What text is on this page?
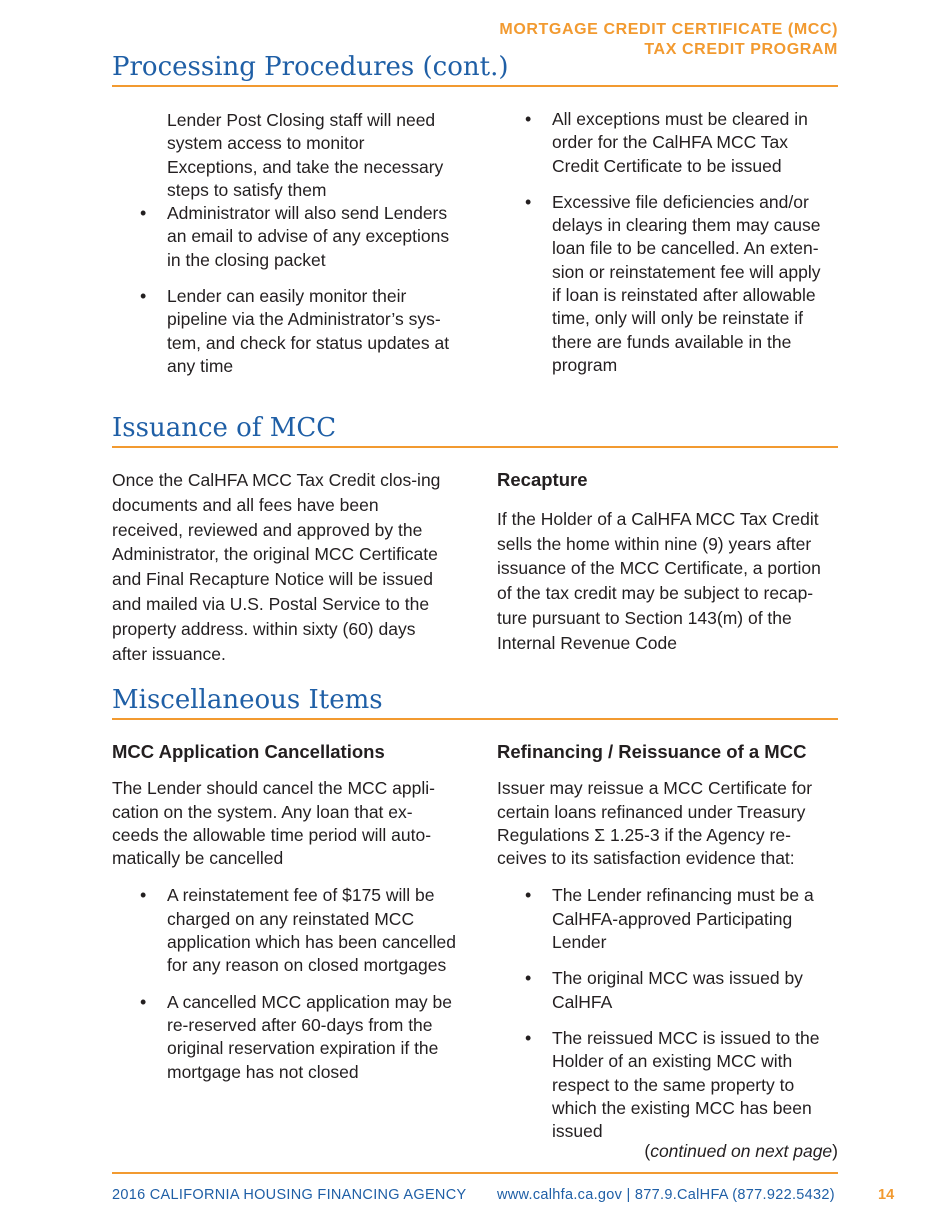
MORTGAGE CREDIT CERTIFICATE (MCC)
TAX CREDIT PROGRAM
Processing Procedures (cont.)

Lender Post Closing staff will need system access to monitor Exceptions, and take the necessary steps to satisfy them

• Administrator will also send Lenders an email to advise of any exceptions in the closing packet
• Lender can easily monitor their pipeline via the Administrator’s sys-tem, and check for status updates at any time
• All exceptions must be cleared in order for the CalHFA MCC Tax Credit Certificate to be issued
• Excessive file deficiencies and/or delays in clearing them may cause loan file to be cancelled. An exten-sion or reinstatement fee will apply if loan is reinstated after allowable time, only will only be reinstate if there are funds available in the program
Issuance of MCC

Once the CalHFA MCC Tax Credit clos-ing documents and all fees have been received, reviewed and approved by the Administrator, the original MCC Certificate and Final Recapture Notice will be issued and mailed via U.S. Postal Service to the property address. within sixty (60) days after issuance.

Recapture

If the Holder of a CalHFA MCC Tax Credit sells the home within nine (9) years after issuance of the MCC Certificate, a portion of the tax credit may be subject to recap-ture pursuant to Section 143(m) of the Internal Revenue Code

Miscellaneous Items

MCC Application Cancellations

The Lender should cancel the MCC appli-cation on the system. Any loan that ex-ceeds the allowable time period will auto-matically be cancelled

• A reinstatement fee of $175 will be charged on any reinstated MCC application which has been cancelled for any reason on closed mortgages
• A cancelled MCC application may be re-reserved after 60-days from the original reservation expiration if the mortgage has not closed

Refinancing / Reissuance of a MCC

Issuer may reissue a MCC Certificate for certain loans refinanced under Treasury Regulations Σ 1.25-3 if the Agency re-ceives to its satisfaction evidence that:

• The Lender refinancing must be a CalHFA-approved Participating Lender
• The original MCC was issued by CalHFA
• The reissued MCC is issued to the Holder of an existing MCC with respect to the same property to which the existing MCC has been issued
(continued on next page)
2016 CALIFORNIA HOUSING FINANCING AGENCY www.calhfa.ca.gov | 877.9.CalHFA (877.922.5432)	14
